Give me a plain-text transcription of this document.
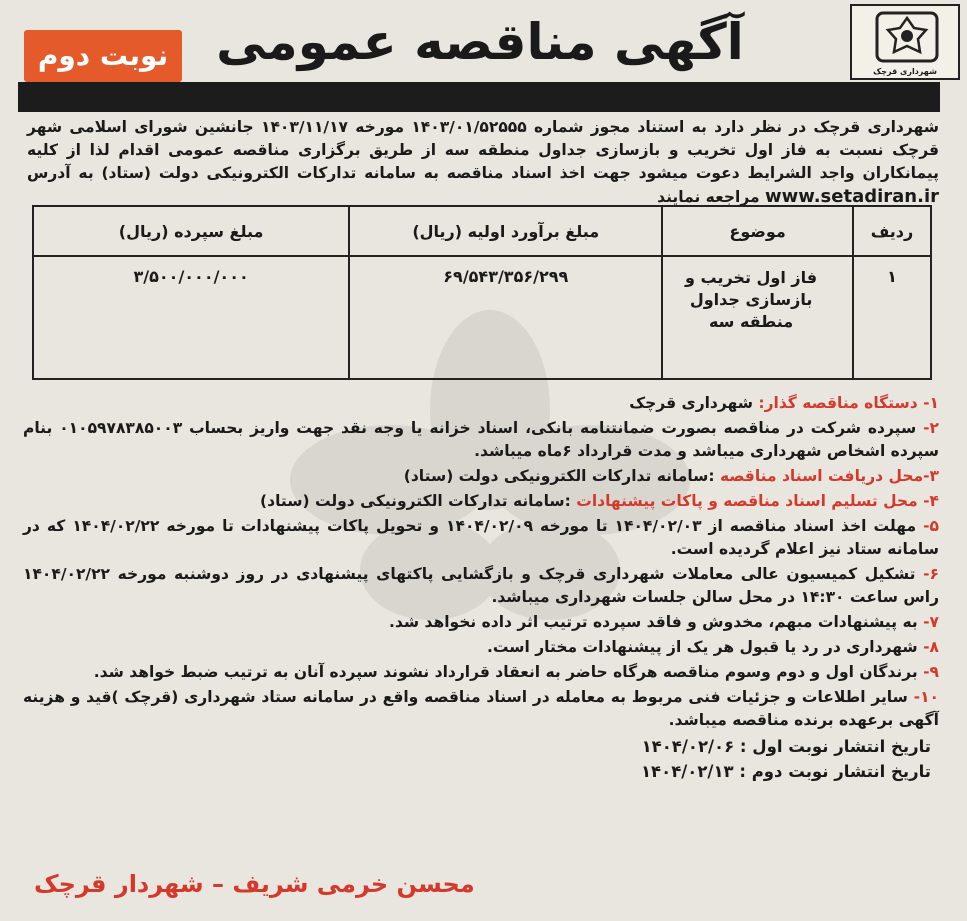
شهرداری قرچک
آگهی مناقصه عمومی
نوبت دوم
شهرداری قرچک در نظر دارد به استناد مجوز شماره ۱۴۰۳/۰۱/۵۲۵۵۵ مورخه ۱۴۰۳/۱۱/۱۷ جانشین شورای اسلامی شهر قرچک نسبت به فاز اول تخریب و بازسازی جداول منطقه سه از طریق برگزاری مناقصه عمومی اقدام لذا از کلیه پیمانکاران واجد الشرایط دعوت میشود جهت اخذ اسناد مناقصه به سامانه تدارکات الکترونیکی دولت (ستاد) به آدرس www.setadiran.ir مراجعه نمایند
ردیف	موضوع	مبلغ برآورد اولیه (ریال)	مبلغ سپرده (ریال)
۱	فاز اول تخریب و بازسازی جداول منطقه سه	۶۹/۵۴۳/۳۵۶/۲۹۹	۳/۵۰۰/۰۰۰/۰۰۰
۱- دستگاه مناقصه گذار: شهرداری قرچک
۲- سپرده شرکت در مناقصه بصورت ضمانتنامه بانکی، اسناد خزانه یا وجه نقد جهت واریز بحساب ۰۱۰۵۹۷۸۳۸۵۰۰۳ بنام سپرده اشخاص شهرداری میباشد و مدت قرارداد ۶ماه میباشد.
۳-محل دریافت اسناد مناقصه :سامانه تدارکات الکترونیکی دولت (ستاد)
۴- محل تسلیم اسناد مناقصه و پاکات پیشنهادات :سامانه تدارکات الکترونیکی دولت (ستاد)
۵- مهلت اخذ اسناد مناقصه از ۱۴۰۴/۰۲/۰۳ تا مورخه ۱۴۰۴/۰۲/۰۹ و تحویل پاکات پیشنهادات تا مورخه ۱۴۰۴/۰۲/۲۲ که در سامانه ستاد نیز اعلام گردیده است.
۶- تشکیل کمیسیون عالی معاملات شهرداری قرچک و بازگشایی پاکتهای پیشنهادی در روز دوشنبه مورخه ۱۴۰۴/۰۲/۲۲ راس ساعت ۱۴:۳۰ در محل سالن جلسات شهرداری میباشد.
۷- به پیشنهادات مبهم، مخدوش و فاقد سپرده ترتیب اثر داده نخواهد شد.
۸- شهرداری در رد یا قبول هر یک از پیشنهادات مختار است.
۹- برندگان اول و دوم وسوم مناقصه هرگاه حاضر به انعقاد قرارداد نشوند سپرده آنان به ترتیب ضبط خواهد شد.
۱۰- سایر اطلاعات و جزئیات فنی مربوط به معامله در اسناد مناقصه واقع در سامانه ستاد شهرداری (قرچک )قید و هزینه آگهی برعهده برنده مناقصه میباشد.
تاریخ انتشار نوبت اول : ۱۴۰۴/۰۲/۰۶
تاریخ انتشار نوبت دوم : ۱۴۰۴/۰۲/۱۳
محسن خرمی شریف – شهردار قرچک
